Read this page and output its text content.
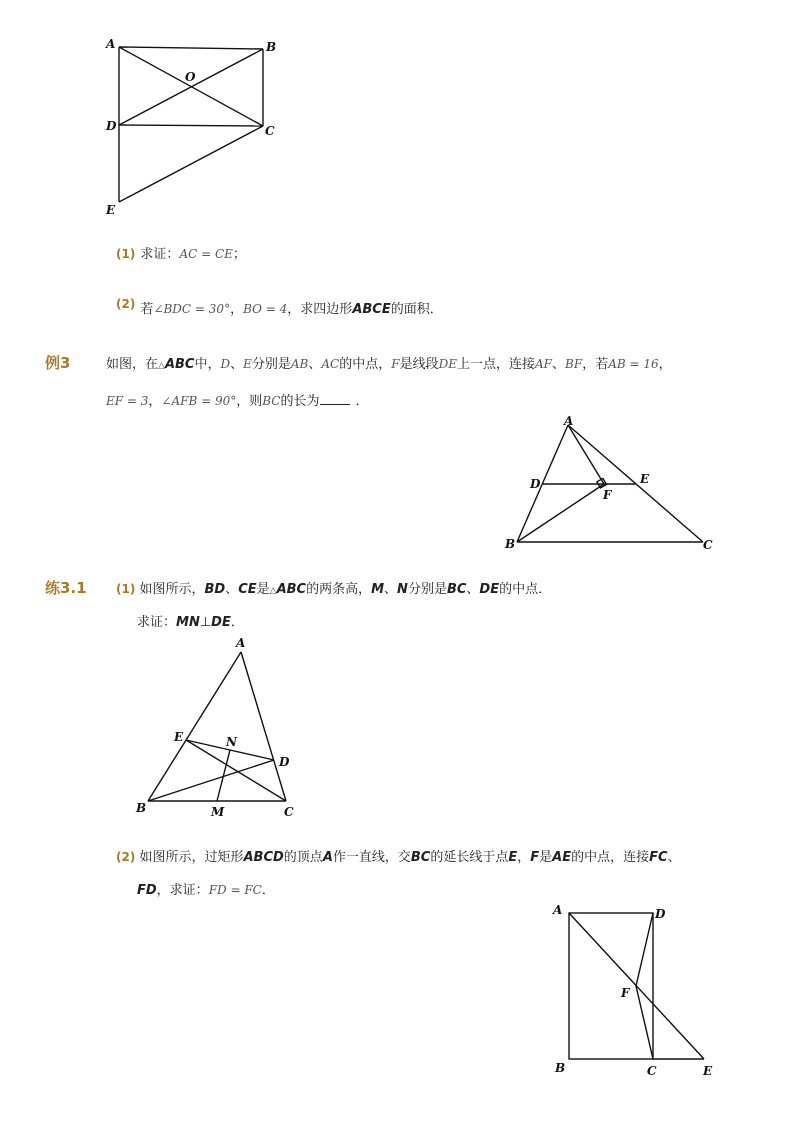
A	B
O
D	C
E
(1) 求证：AC = CE；
$^{(2)}$ 若∠BDC = 30°，BO = 4，求四边形ABCE的面积．
例3	如图，在△ABC中，D、E分别是AB、AC的中点，F是线段DE上一点，连接AF、BF，若AB = 16，
EF = 3，∠AFB = 90°，则BC的长为	．
A
D	E
F
B	C
练3.1 (1) 如图所示，BD、CE是△ABC的两条高，M、N分别是BC、DE的中点．
求证：MN⊥DE．
A
E	N
D
B	M	C
(2) 如图所示，过矩形ABCD的顶点A作一直线，交BC的延长线于点E，F是AE的中点，连接FC、
FD，求证：FD = FC．
A	D
F
B	C	E
